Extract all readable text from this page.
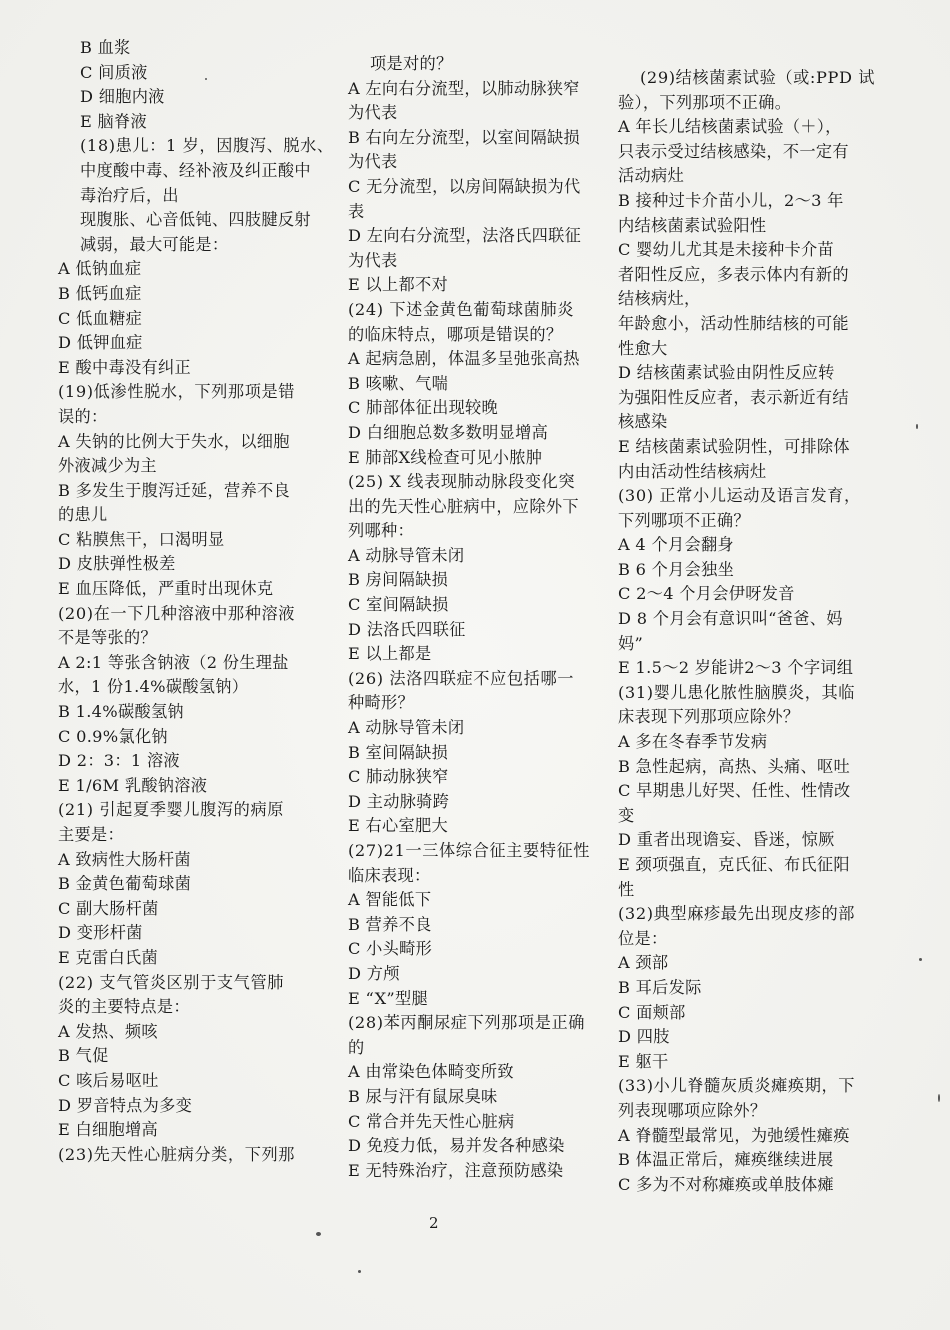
B 血浆
C 间质液
D 细胞内液
E 脑脊液
(18)患儿：1 岁，因腹泻、脱水、
中度酸中毒、经补液及纠正酸中
毒治疗后，出
现腹胀、心音低钝、四肢腱反射
减弱，最大可能是：
A 低钠血症
B 低钙血症
C 低血糖症
D 低钾血症
E 酸中毒没有纠正
(19)低渗性脱水，下列那项是错
误的：
A 失钠的比例大于失水，以细胞
外液减少为主
B 多发生于腹泻迁延，营养不良
的患儿
C 粘膜焦干，口渴明显
D 皮肤弹性极差
E 血压降低，严重时出现休克
(20)在一下几种溶液中那种溶液
不是等张的？
A 2:1 等张含钠液（2 份生理盐
水，1 份1.4%碳酸氢钠）
B 1.4%碳酸氢钠
C 0.9%氯化钠
D 2：3：1 溶液
E 1/6M 乳酸钠溶液
(21) 引起夏季婴儿腹泻的病原
主要是：
A 致病性大肠杆菌
B 金黄色葡萄球菌
C 副大肠杆菌
D 变形杆菌
E 克雷白氏菌
(22) 支气管炎区别于支气管肺
炎的主要特点是：
A 发热、频咳
B 气促
C 咳后易呕吐
D 罗音特点为多变
E 白细胞增高
(23)先天性心脏病分类，下列那
项是对的？
A 左向右分流型，以肺动脉狭窄
为代表
B 右向左分流型，以室间隔缺损
为代表
C 无分流型，以房间隔缺损为代
表
D 左向右分流型，法洛氏四联征
为代表
E 以上都不对
(24) 下述金黄色葡萄球菌肺炎
的临床特点，哪项是错误的？
A 起病急剧，体温多呈弛张高热
B 咳嗽、气喘
C 肺部体征出现较晚
D 白细胞总数多数明显增高
E 肺部X线检查可见小脓肿
(25) X 线表现肺动脉段变化突
出的先天性心脏病中，应除外下
列哪种：
A 动脉导管未闭
B 房间隔缺损
C 室间隔缺损
D 法洛氏四联征
E 以上都是
(26) 法洛四联症不应包括哪一
种畸形？
A 动脉导管未闭
B 室间隔缺损
C 肺动脉狭窄
D 主动脉骑跨
E 右心室肥大
(27)21一三体综合征主要特征性
临床表现：
A 智能低下
B 营养不良
C 小头畸形
D 方颅
E “X”型腿
(28)苯丙酮尿症下列那项是正确
的
A 由常染色体畸变所致
B 尿与汗有鼠尿臭味
C 常合并先天性心脏病
D 免疫力低，易并发各种感染
E 无特殊治疗，注意预防感染
(29)结核菌素试验（或:PPD 试
验），下列那项不正确。
A 年长儿结核菌素试验（＋），
只表示受过结核感染，不一定有
活动病灶
B 接种过卡介苗小儿，2～3 年
内结核菌素试验阳性
C 婴幼儿尤其是未接种卡介苗
者阳性反应，多表示体内有新的
结核病灶，
年龄愈小，活动性肺结核的可能
性愈大
D 结核菌素试验由阴性反应转
为强阳性反应者，表示新近有结
核感染
E 结核菌素试验阴性，可排除体
内由活动性结核病灶
(30) 正常小儿运动及语言发育，
下列哪项不正确？
A 4 个月会翻身
B 6 个月会独坐
C 2～4 个月会伊呀发音
D 8 个月会有意识叫“爸爸、妈
妈”
E 1.5～2 岁能讲2～3 个字词组
(31)婴儿患化脓性脑膜炎，其临
床表现下列那项应除外？
A 多在冬春季节发病
B 急性起病，高热、头痛、呕吐
C 早期患儿好哭、任性、性情改
变
D 重者出现谵妄、昏迷，惊厥
E 颈项强直，克氏征、布氏征阳
性
(32)典型麻疹最先出现皮疹的部
位是：
A 颈部
B 耳后发际
C 面颊部
D 四肢
E 躯干
(33)小儿脊髓灰质炎瘫痪期，下
列表现哪项应除外？
A 脊髓型最常见，为弛缓性瘫痪
B 体温正常后，瘫痪继续进展
C 多为不对称瘫痪或单肢体瘫
2
